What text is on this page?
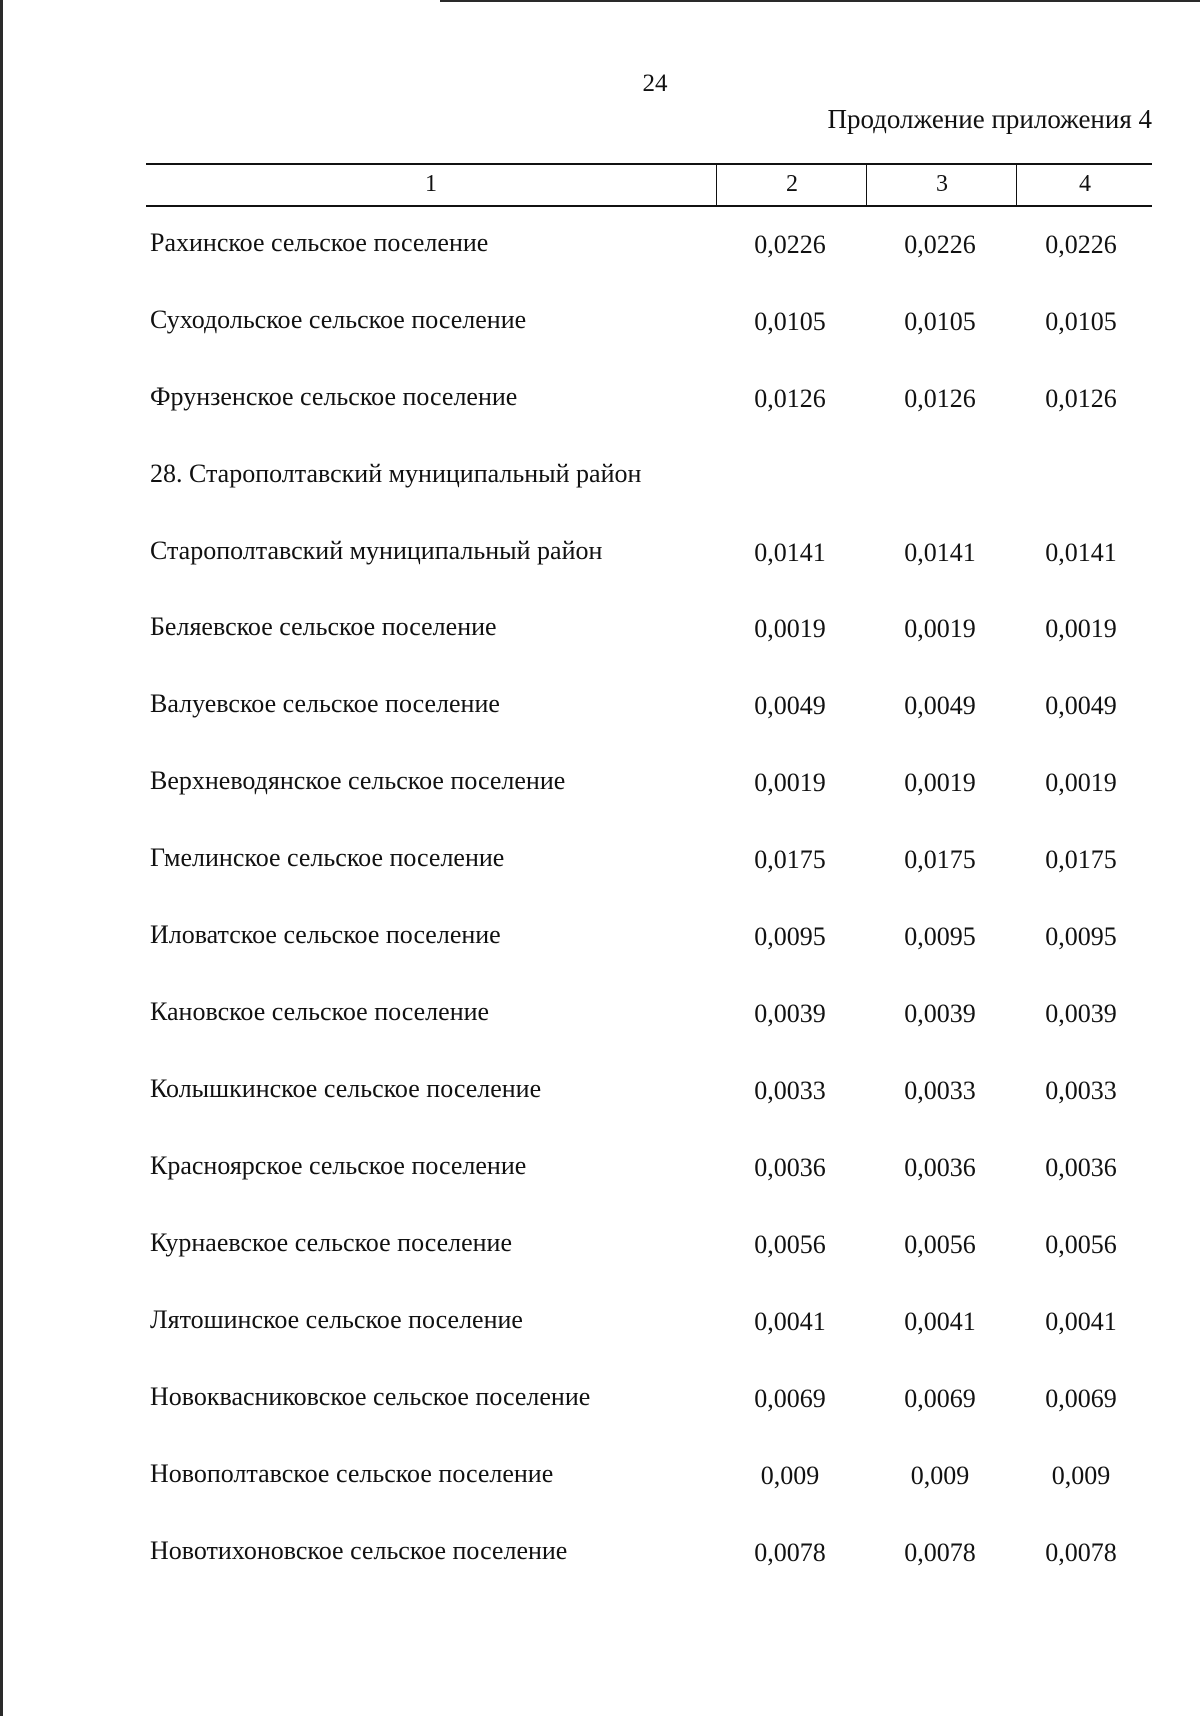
24
Продолжение приложения 4
1	2	3	4
Рахинское сельское поселение	0,0226	0,0226	0,0226
Суходольское сельское поселение	0,0105	0,0105	0,0105
Фрунзенское сельское поселение	0,0126	0,0126	0,0126
28. Старополтавский муниципальный район
Старополтавский муниципальный район	0,0141	0,0141	0,0141
Беляевское сельское поселение	0,0019	0,0019	0,0019
Валуевское сельское поселение	0,0049	0,0049	0,0049
Верхневодянское сельское поселение	0,0019	0,0019	0,0019
Гмелинское сельское поселение	0,0175	0,0175	0,0175
Иловатское сельское поселение	0,0095	0,0095	0,0095
Кановское сельское поселение	0,0039	0,0039	0,0039
Колышкинское сельское поселение	0,0033	0,0033	0,0033
Красноярское сельское поселение	0,0036	0,0036	0,0036
Курнаевское сельское поселение	0,0056	0,0056	0,0056
Лятошинское сельское поселение	0,0041	0,0041	0,0041
Новоквасниковское сельское поселение	0,0069	0,0069	0,0069
Новополтавское сельское поселение	0,009	0,009	0,009
Новотихоновское сельское поселение	0,0078	0,0078	0,0078
